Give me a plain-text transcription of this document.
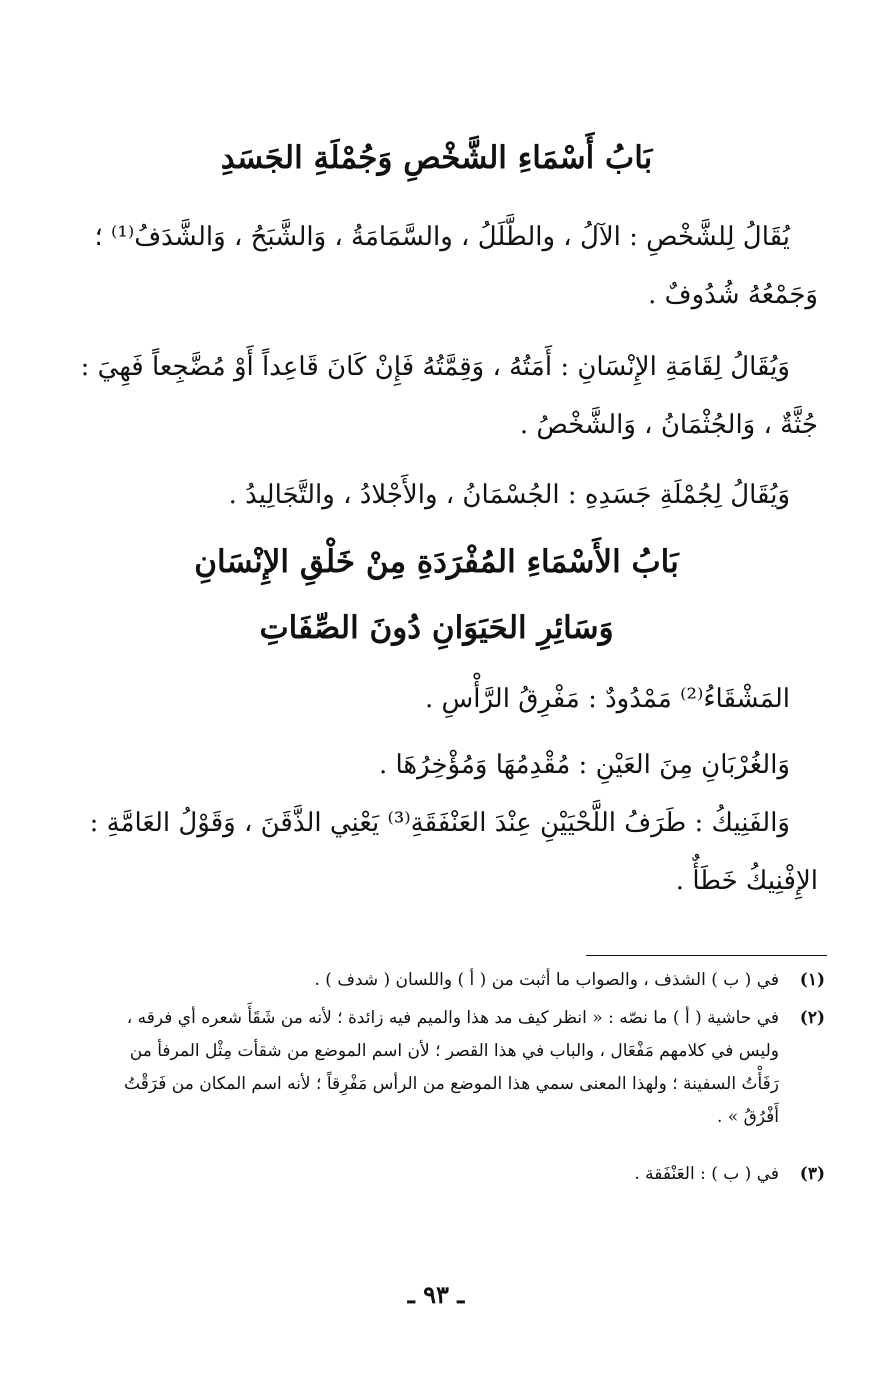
بَابُ أَسْمَاءِ الشَّخْصِ وَجُمْلَةِ الجَسَدِ
يُقَالُ لِلشَّخْصِ : الآلُ ، والطَّلَلُ ، والسَّمَامَةُ ، وَالشَّبَحُ ، وَالشَّدَفُ⁽¹⁾ ؛
وَجَمْعُهُ شُدُوفٌ .
وَيُقَالُ لِقَامَةِ الإِنْسَانِ : أَمَتُهُ ، وَقِمَّتُهُ فَإِنْ كَانَ قَاعِداً أَوْ مُضَّجِعاً فَهِيَ :
جُثَّةٌ ، وَالجُثْمَانُ ، وَالشَّخْصُ .
وَيُقَالُ لِجُمْلَةِ جَسَدِهِ : الجُسْمَانُ ، والأَجْلادُ ، والتَّجَالِيدُ .
بَابُ الأَسْمَاءِ المُفْرَدَةِ مِنْ خَلْقِ الإِنْسَانِ
وَسَائِرِ الحَيَوَانِ دُونَ الصِّفَاتِ
المَشْقَاءُ⁽²⁾ مَمْدُودٌ : مَفْرِقُ الرَّأْسِ .
وَالغُرْبَانِ مِنَ العَيْنِ : مُقْدِمُهَا وَمُؤْخِرُهَا .
وَالفَنِيكُ : طَرَفُ اللَّحْيَيْنِ عِنْدَ العَنْفَقَةِ⁽³⁾ يَعْنِي الذَّقَنَ ، وَقَوْلُ العَامَّةِ :
الإِفْنِيكُ خَطَأٌ .
(١)
في ( ب ) الشذف ، والصواب ما أثبت من ( أ ) واللسان ( شدف ) .
(٢)
في حاشية ( أ ) ما نصّه : « انظر كيف مد هذا والميم فيه زائدة ؛ لأنه من شَقَأَ شعره أي فرقه ،
وليس في كلامهم مَفْعَال ، والباب في هذا القصر ؛ لأن اسم الموضع من شقأت مِثْل المرفأ من
رَفَأْتُ السفينة ؛ ولهذا المعنى سمي هذا الموضع من الرأس مَفْرِقاً ؛ لأنه اسم المكان من فَرَقْتُ
أَفْرُقُ » .
(٣)
في ( ب ) : العَنْفَقة .
ـ ٩٣ ـ
